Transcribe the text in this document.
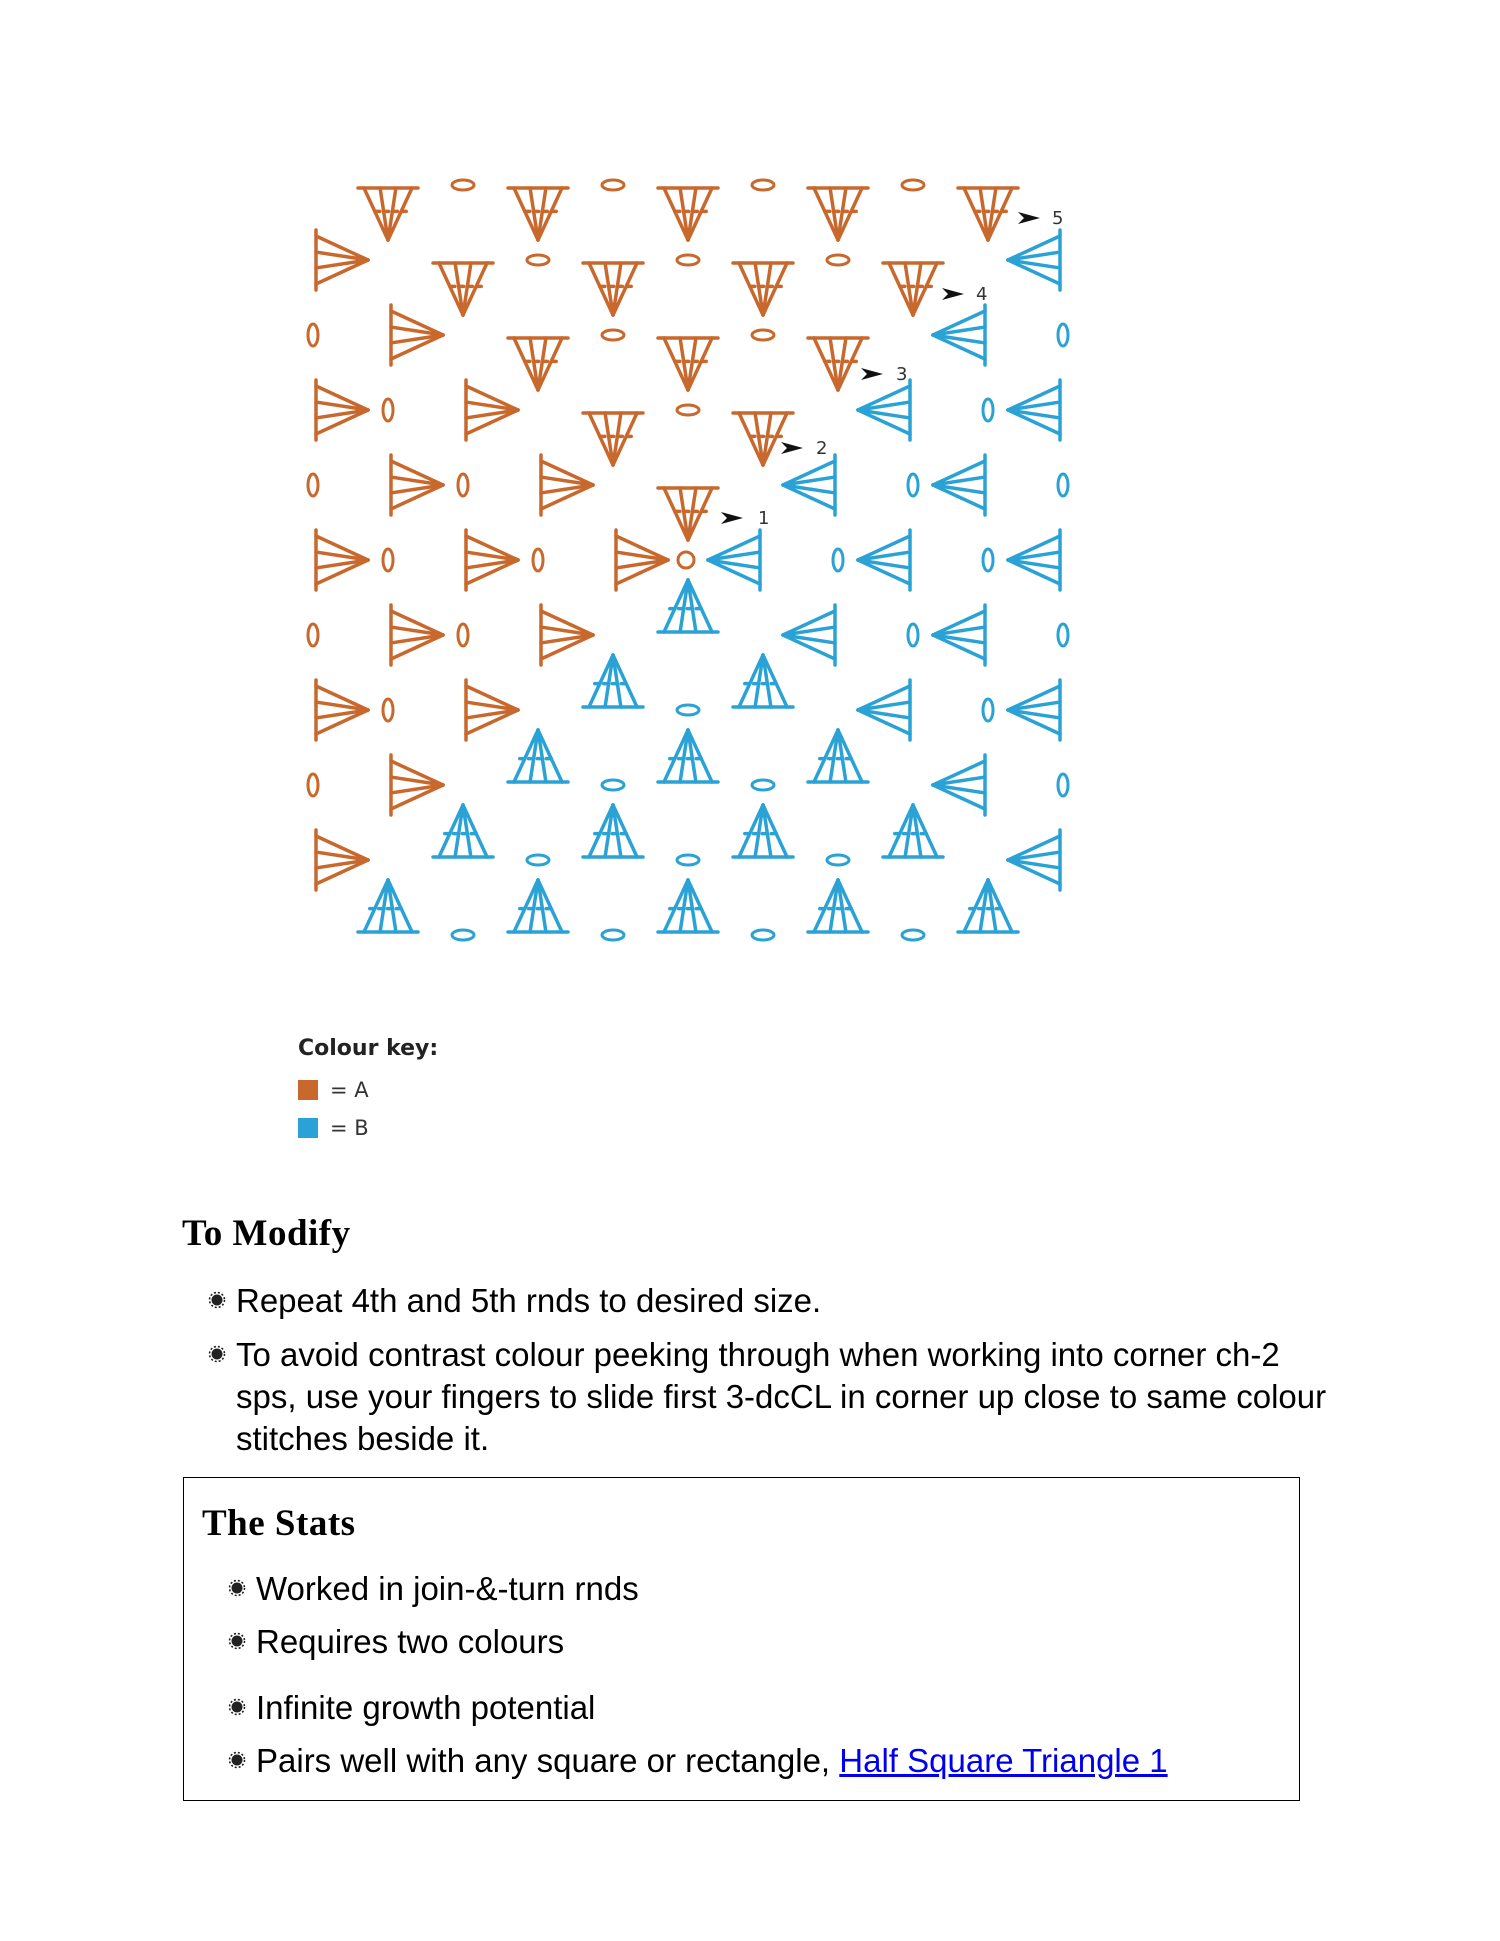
1
2
3
4
5
Colour key:
= A
= B
To Modify
Repeat 4th and 5th rnds to desired size.
To avoid contrast colour peeking through when working into corner ch-2 sps, use your fingers to slide first 3-dcCL in corner up close to same colour stitches beside it.
The Stats
Worked in join-&-turn rnds
Requires two colours
Infinite growth potential
Pairs well with any square or rectangle, Half Square Triangle 1
